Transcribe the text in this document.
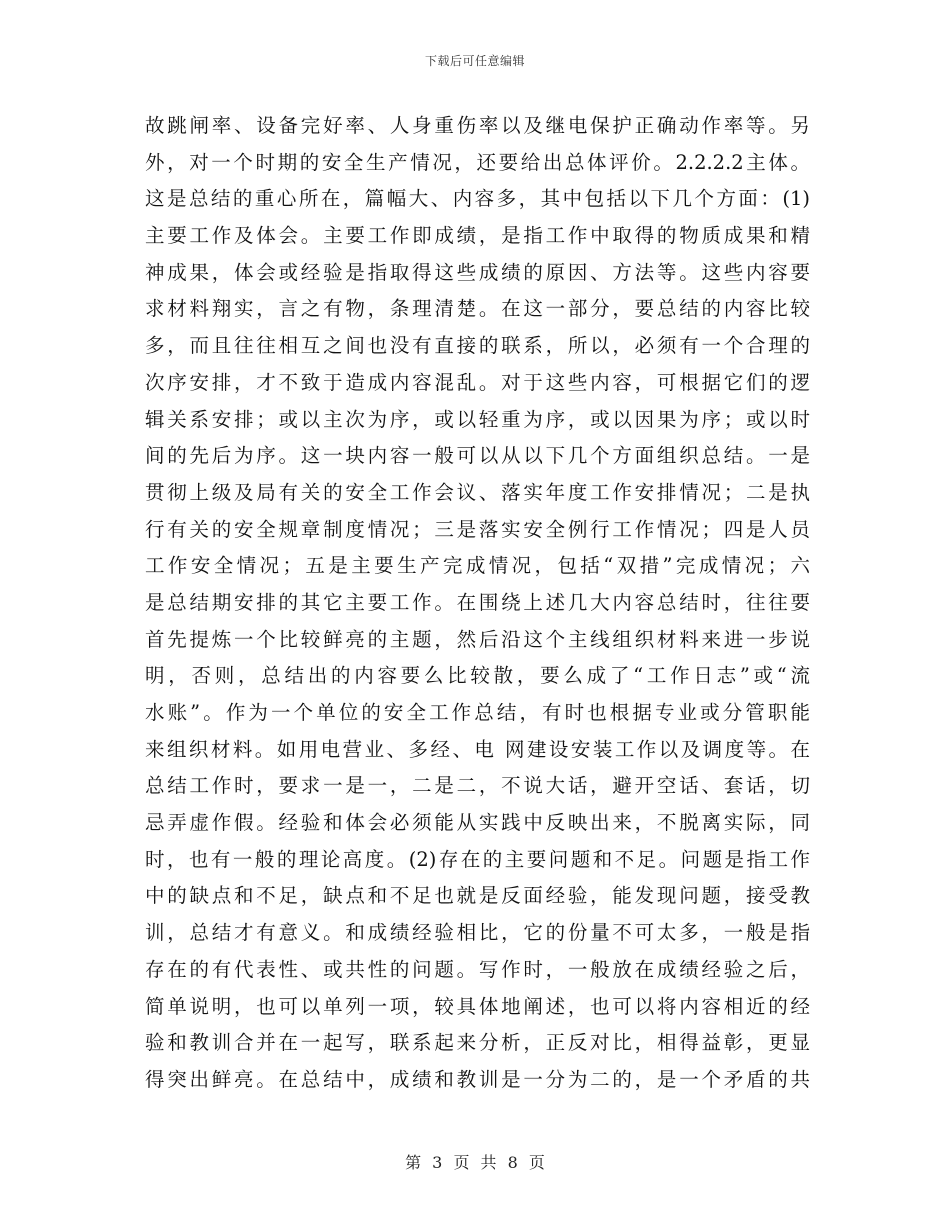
下载后可任意编辑
故跳闸率、设备完好率、人身重伤率以及继电保护正确动作率等。另
外，对一个时期的安全生产情况，还要给出总体评价。2.2.2.2主体。
这是总结的重心所在，篇幅大、内容多，其中包括以下几个方面：(1)
主要工作及体会。主要工作即成绩，是指工作中取得的物质成果和精
神成果，体会或经验是指取得这些成绩的原因、方法等。这些内容要
求材料翔实，言之有物，条理清楚。在这一部分，要总结的内容比较
多，而且往往相互之间也没有直接的联系，所以，必须有一个合理的
次序安排，才不致于造成内容混乱。对于这些内容，可根据它们的逻
辑关系安排；或以主次为序，或以轻重为序，或以因果为序；或以时
间的先后为序。这一块内容一般可以从以下几个方面组织总结。一是
贯彻上级及局有关的安全工作会议、落实年度工作安排情况；二是执
行有关的安全规章制度情况；三是落实安全例行工作情况；四是人员
工作安全情况；五是主要生产完成情况，包括“双措”完成情况；六
是总结期安排的其它主要工作。在围绕上述几大内容总结时，往往要
首先提炼一个比较鲜亮的主题，然后沿这个主线组织材料来进一步说
明，否则，总结出的内容要么比较散，要么成了“工作日志”或“流
水账”。作为一个单位的安全工作总结，有时也根据专业或分管职能
来组织材料。如用电营业、多经、电 网建设安装工作以及调度等。在
总结工作时，要求一是一，二是二，不说大话，避开空话、套话，切
忌弄虚作假。经验和体会必须能从实践中反映出来，不脱离实际，同
时，也有一般的理论高度。(2)存在的主要问题和不足。问题是指工作
中的缺点和不足，缺点和不足也就是反面经验，能发现问题，接受教
训，总结才有意义。和成绩经验相比，它的份量不可太多，一般是指
存在的有代表性、或共性的问题。写作时，一般放在成绩经验之后，
简单说明，也可以单列一项，较具体地阐述，也可以将内容相近的经
验和教训合并在一起写，联系起来分析，正反对比，相得益彰，更显
得突出鲜亮。在总结中，成绩和教训是一分为二的，是一个矛盾的共
第 3 页 共 8 页
